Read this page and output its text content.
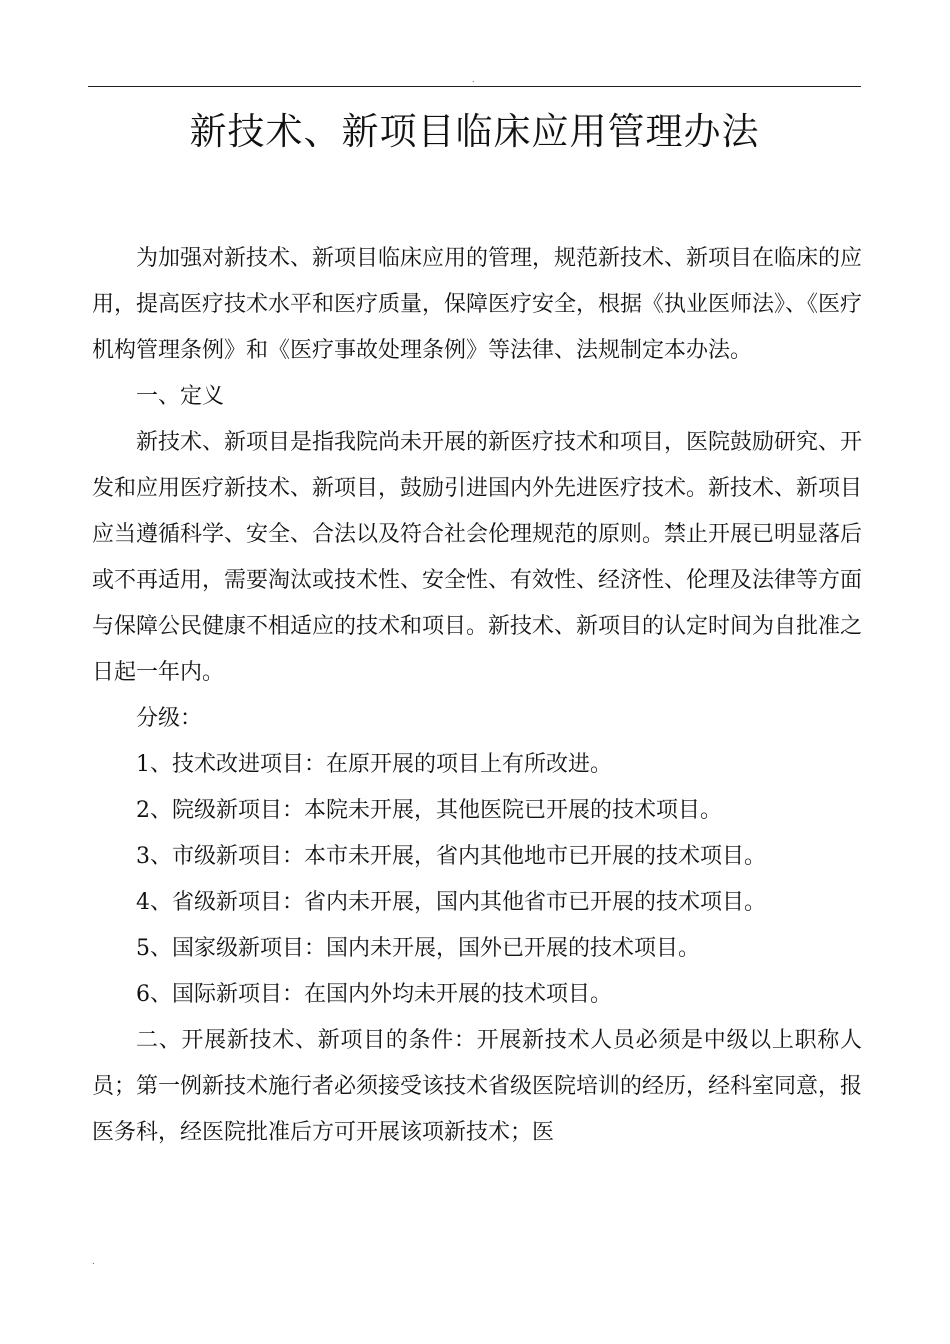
.
新技术、新项目临床应用管理办法

为加强对新技术、新项目临床应用的管理，规范新技术、新项目在临床的应用，提高医疗技术水平和医疗质量，保障医疗安全，根据《执业医师法》、《医疗机构管理条例》和《医疗事故处理条例》等法律、法规制定本办法。

一、定义

新技术、新项目是指我院尚未开展的新医疗技术和项目，医院鼓励研究、开发和应用医疗新技术、新项目，鼓励引进国内外先进医疗技术。新技术、新项目应当遵循科学、安全、合法以及符合社会伦理规范的原则。禁止开展已明显落后或不再适用，需要淘汰或技术性、安全性、有效性、经济性、伦理及法律等方面与保障公民健康不相适应的技术和项目。新技术、新项目的认定时间为自批准之日起一年内。

分级：

1、技术改进项目：在原开展的项目上有所改进。

2、院级新项目：本院未开展，其他医院已开展的技术项目。

3、市级新项目：本市未开展，省内其他地市已开展的技术项目。

4、省级新项目：省内未开展，国内其他省市已开展的技术项目。

5、国家级新项目：国内未开展，国外已开展的技术项目。

6、国际新项目：在国内外均未开展的技术项目。

二、开展新技术、新项目的条件：开展新技术人员必须是中级以上职称人员；第一例新技术施行者必须接受该技术省级医院培训的经历，经科室同意，报医务科，经医院批准后方可开展该项新技术；医

.
